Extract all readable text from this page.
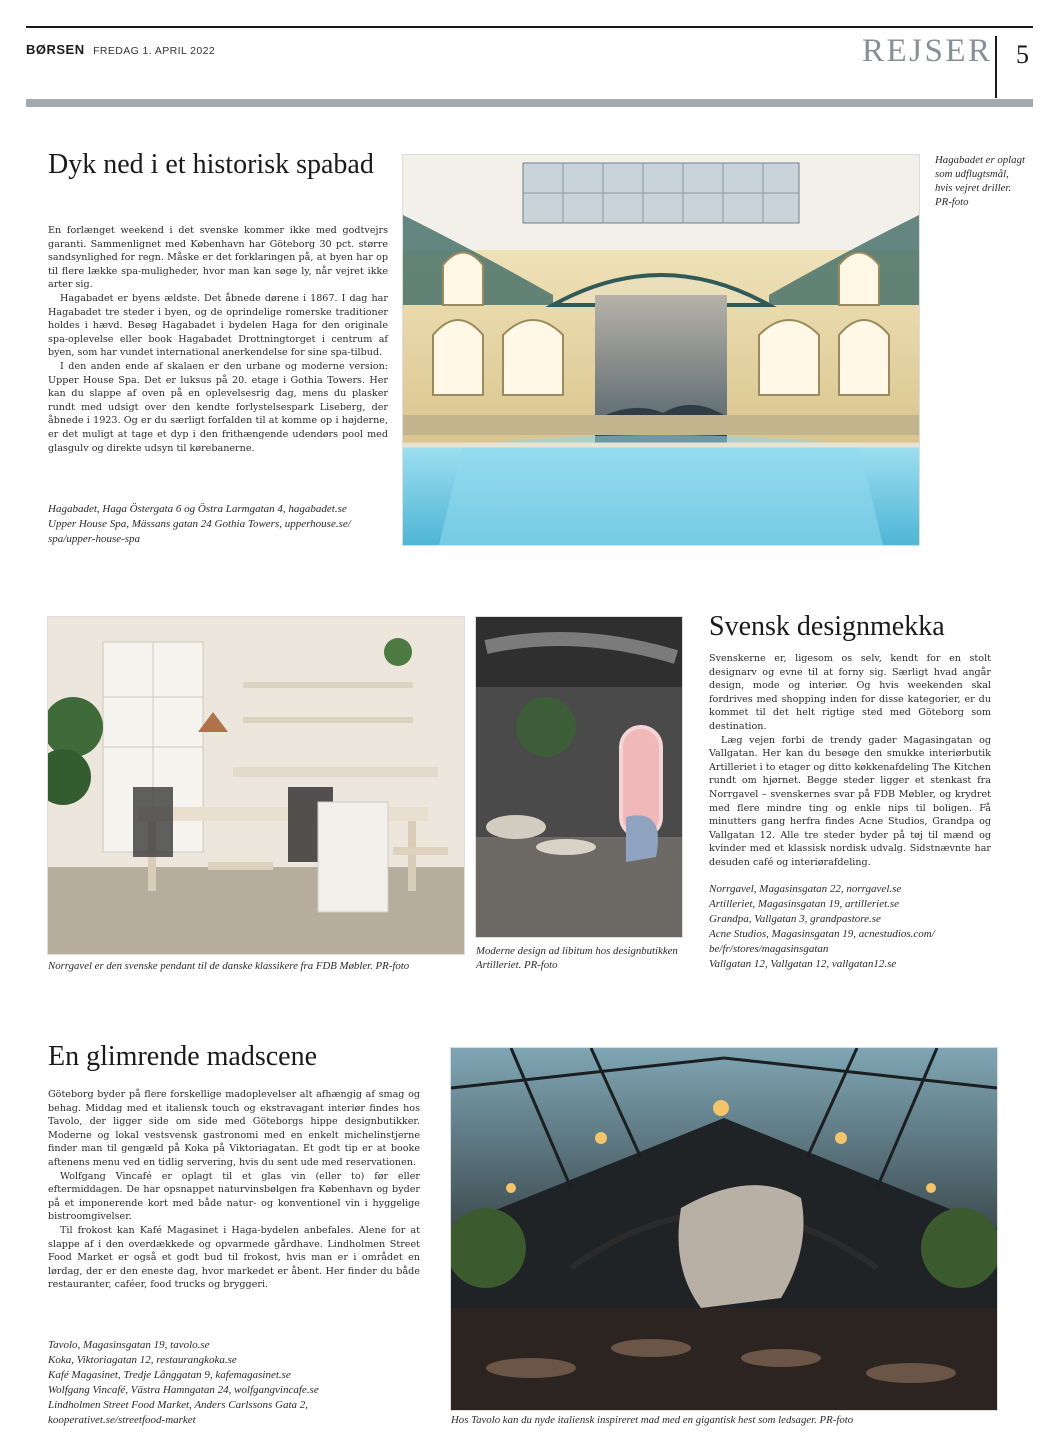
BØRSEN FREDAG 1. APRIL 2022	REJSER 5
Dyk ned i et historisk spabad

En forlænget weekend i det svenske kommer ikke med godtvejrs garanti. Sammenlignet med København har Göteborg 30 pct. større sandsynlighed for regn. Måske er det forklaringen på, at byen har op til flere lække spa-muligheder, hvor man kan søge ly, når vejret ikke arter sig.

Hagabadet er byens ældste. Det åbnede dørene i 1867. I dag har Hagabadet tre steder i byen, og de oprindelige romerske traditioner holdes i hævd. Besøg Hagabadet i bydelen Haga for den originale spa-oplevelse eller book Hagabadet Drottningtorget i centrum af byen, som har vundet international anerkendelse for sine spa-tilbud.

I den anden ende af skalaen er den urbane og moderne version: Upper House Spa. Det er luksus på 20. etage i Gothia Towers. Her kan du slappe af oven på en oplevelsesrig dag, mens du plasker rundt med udsigt over den kendte forlystelsespark Liseberg, der åbnede i 1923. Og er du særligt forfalden til at komme op i højderne, er det muligt at tage et dyp i den frithængende udendørs pool med glasgulv og direkte udsyn til kørebanerne.

Hagabadet, Haga Östergata 6 og Östra Larmgatan 4, hagabadet.se
Upper House Spa, Mässans gatan 24 Gothia Towers, upperhouse.se/
spa/upper-house-spa
Hagabadet er oplagt som udflugtsmål, hvis vejret driller. PR-foto
Norrgavel er den svenske pendant til de danske klassikere fra FDB Møbler. PR-foto
Moderne design ad libitum hos designbutikken Artilleriet. PR-foto
Svensk designmekka

Svenskerne er, ligesom os selv, kendt for en stolt designarv og evne til at forny sig. Særligt hvad angår design, mode og interiør. Og hvis weekenden skal fordrives med shopping inden for disse kategorier, er du kommet til det helt rigtige sted med Göteborg som destination.

Læg vejen forbi de trendy gader Magasingatan og Vallgatan. Her kan du besøge den smukke interiørbutik Artilleriet i to etager og ditto køkkenafdeling The Kitchen rundt om hjørnet. Begge steder ligger et stenkast fra Norrgavel – svenskernes svar på FDB Møbler, og krydret med flere mindre ting og enkle nips til boligen. Få minutters gang herfra findes Acne Studios, Grandpa og Vallgatan 12. Alle tre steder byder på tøj til mænd og kvinder med et klassisk nordisk udvalg. Sidstnævnte har desuden café og interiørafdeling.

Norrgavel, Magasinsgatan 22, norrgavel.se
Artilleriet, Magasinsgatan 19, artilleriet.se
Grandpa, Vallgatan 3, grandpastore.se
Acne Studios, Magasinsgatan 19, acnestudios.com/
be/fr/stores/magasinsgatan
Vallgatan 12, Vallgatan 12, vallgatan12.se
En glimrende madscene

Göteborg byder på flere forskellige madoplevelser alt afhængig af smag og behag. Middag med et italiensk touch og ekstravagant interiør findes hos Tavolo, der ligger side om side med Göteborgs hippe designbutikker. Moderne og lokal vestsvensk gastronomi med en enkelt michelinstjerne finder man til gengæld på Koka på Viktoriagatan. Et godt tip er at booke aftenens menu ved en tidlig servering, hvis du sent ude med reservationen.

Wolfgang Vincafé er oplagt til et glas vin (eller to) før eller eftermiddagen. De har opsnappet naturvinsbølgen fra København og byder på et imponerende kort med både natur- og konventionel vin i hyggelige bistroomgivelser.

Til frokost kan Kafé Magasinet i Haga-bydelen anbefales. Alene for at slappe af i den overdækkede og opvarmede gårdhave. Lindholmen Street Food Market er også et godt bud til frokost, hvis man er i området en lørdag, der er den eneste dag, hvor markedet er åbent. Her finder du både restauranter, caféer, food trucks og bryggeri.

Tavolo, Magasinsgatan 19, tavolo.se
Koka, Viktoriagatan 12, restaurangkoka.se
Kafé Magasinet, Tredje Långgatan 9, kafemagasinet.se
Wolfgang Vincafé, Västra Hamngatan 24, wolfgangvincafe.se
Lindholmen Street Food Market, Anders Carlssons Gata 2,
kooperativet.se/streetfood-market	Hos Tavolo kan du nyde italiensk inspireret mad med en gigantisk hest som ledsager. PR-foto
